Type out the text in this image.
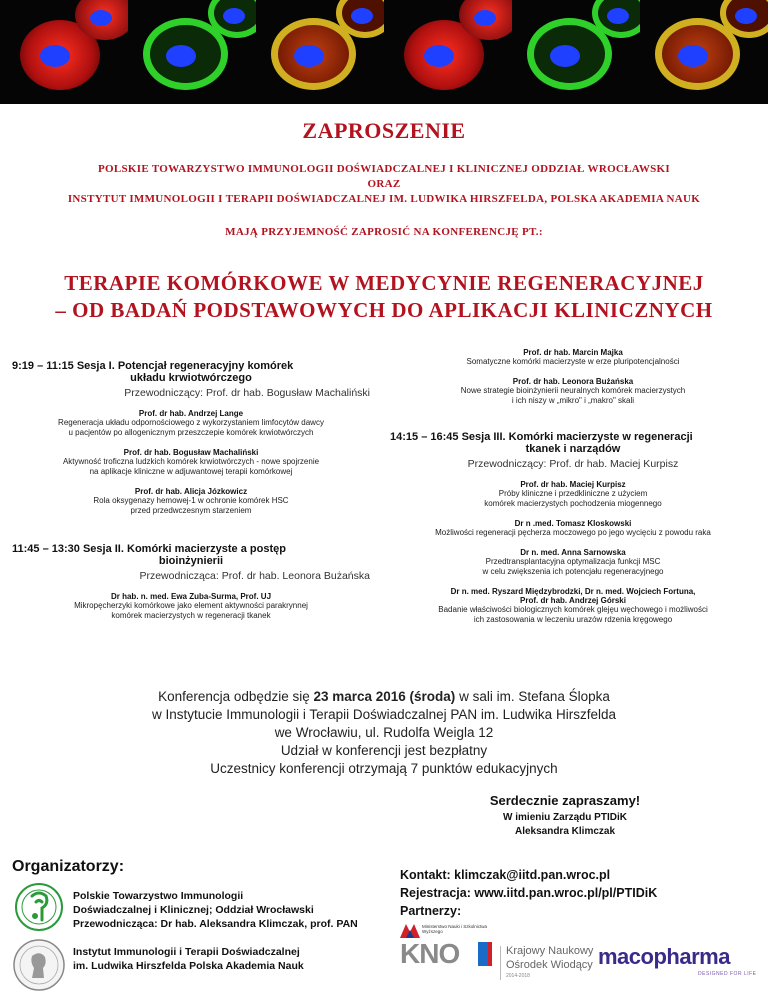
ZAPROSZENIE
POLSKIE TOWARZYSTWO IMMUNOLOGII DOŚWIADCZALNEJ I KLINICZNEJ ODDZIAŁ WROCŁAWSKI
ORAZ
INSTYTUT IMMUNOLOGII I TERAPII DOŚWIADCZALNEJ IM. LUDWIKA HIRSZFELDA, POLSKA AKADEMIA NAUK
MAJĄ PRZYJEMNOŚĆ ZAPROSIĆ NA KONFERENCJĘ PT.:
TERAPIE KOMÓRKOWE W MEDYCYNIE REGENERACYJNEJ
– OD BADAŃ PODSTAWOWYCH DO APLIKACJI KLINICZNYCH
9:19 – 11:15 Sesja I. Potencjał regeneracyjny komórek
układu krwiotwórczego
Przewodniczący: Prof. dr hab. Bogusław Machaliński
Prof. dr hab. Andrzej Lange
Regeneracja układu odpornościowego z wykorzystaniem limfocytów dawcy
u pacjentów po allogenicznym przeszczepie komórek krwiotwórczych
Prof. dr hab. Bogusław Machaliński
Aktywność troficzna ludzkich komórek krwiotwórczych - nowe spojrzenie
na aplikacje kliniczne w adjuwantowej terapii komórkowej
Prof. dr hab. Alicja Józkowicz
Rola oksygenazy hemowej-1 w ochronie komórek HSC
przed przedwczesnym starzeniem
11:45 – 13:30 Sesja II. Komórki macierzyste a postęp
bioinżynierii
Przewodnicząca: Prof. dr hab. Leonora Bużańska
Dr hab. n. med. Ewa Zuba-Surma, Prof. UJ
Mikropęcherzyki komórkowe jako element aktywności parakrynnej
komórek macierzystych w regeneracji tkanek
Prof. dr hab. Marcin Majka
Somatyczne komórki macierzyste w erze pluripotencjalności
Prof. dr hab. Leonora Bużańska
Nowe strategie bioinżynierii neuralnych komórek macierzystych
i ich niszy w „mikro" i „makro" skali
14:15 – 16:45 Sesja III. Komórki macierzyste w regeneracji
tkanek i narządów
Przewodniczący: Prof. dr hab. Maciej Kurpisz
Prof. dr hab. Maciej Kurpisz
Próby kliniczne i przedkliniczne z użyciem
komórek macierzystych pochodzenia miogennego
Dr n .med. Tomasz Kloskowski
Możliwości regeneracji pęcherza moczowego po jego wycięciu z powodu raka
Dr n. med. Anna Sarnowska
Przedtransplantacyjna optymalizacja funkcji MSC
w celu zwiększenia ich potencjału regeneracyjnego
Dr n. med. Ryszard Międzybrodzki, Dr n. med. Wojciech Fortuna,
Prof. dr hab. Andrzej Górski
Badanie właściwości biologicznych komórek glejęu węchowego i możliwości
ich zastosowania w leczeniu urazów rdzenia kręgowego
Konferencja odbędzie się 23 marca 2016 (środa) w sali im. Stefana Ślopka
w Instytucie Immunologii i Terapii Doświadczalnej PAN im. Ludwika Hirszfelda
we Wrocławiu, ul. Rudolfa Weigla 12
Udział w konferencji jest bezpłatny
Uczestnicy konferencji otrzymają 7 punktów edukacyjnych
Serdecznie zapraszamy!
W imieniu Zarządu PTIDiK
Aleksandra Klimczak
Organizatorzy:
Polskie Towarzystwo Immunologii
Doświadczalnej i Klinicznej; Oddział Wrocławski
Przewodnicząca: Dr hab. Aleksandra Klimczak, prof. PAN
Instytut Immunologii i Terapii Doświadczalnej
im. Ludwika Hirszfelda Polska Akademia Nauk
Kontakt: klimczak@iitd.pan.wroc.pl
Rejestracja: www.iitd.pan.wroc.pl/pl/PTIDiK
Partnerzy:
Ministerstwo Nauki i Szkolnictwa Wyższego
KNO	Krajowy Naukowy
Ośrodek Wiodący
2014-2018
macopharma
DESIGNED FOR LIFE
